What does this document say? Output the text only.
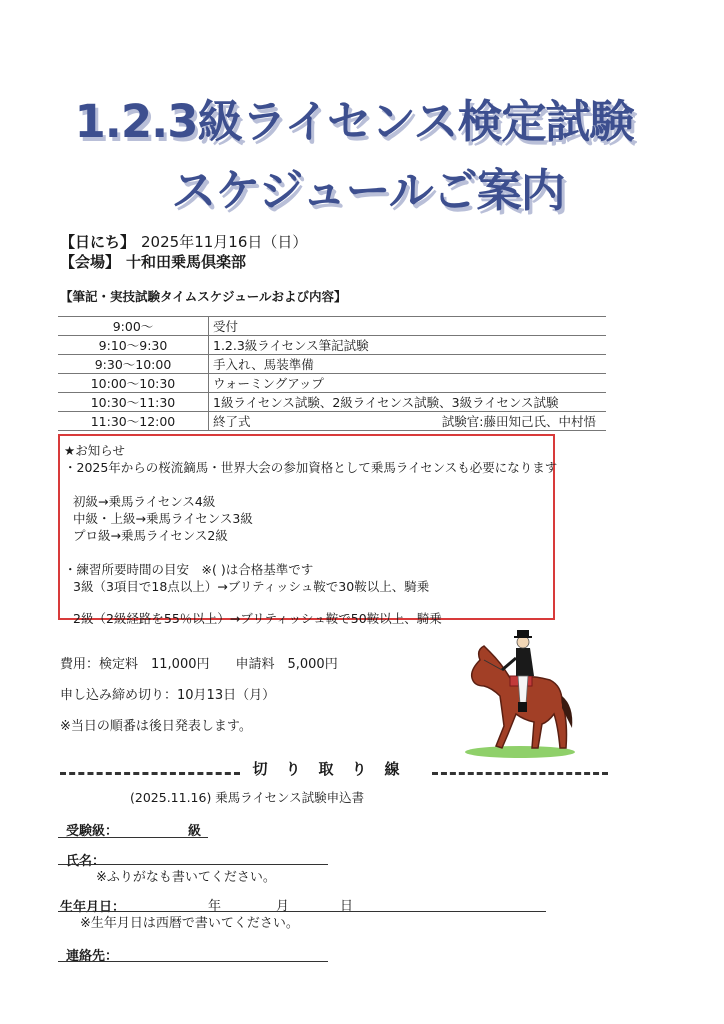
1.2.3級ライセンス検定試験
スケジュールご案内
【日にち】 2025年11月16日（日）
【会場】 十和田乗馬倶楽部
【筆記・実技試験タイムスケジュールおよび内容】
9:00～	受付
9:10～9:30	1.2.3級ライセンス筆記試験
9:30～10:00	手入れ、馬装準備
10:00～10:30	ウォーミングアップ
10:30～11:30	1級ライセンス試験、2級ライセンス試験、3級ライセンス試験
11:30～12:00	終了式 試験官:藤田知己氏、中村悟
★お知らせ
・2025年からの桜流鏑馬・世界大会の参加資格として乗馬ライセンスも必要になります
初級→乗馬ライセンス4級
中級・上級→乗馬ライセンス3級
プロ級→乗馬ライセンス2級
・練習所要時間の目安　※( )は合格基準です
3級（3項目で18点以上）→ブリティッシュ鞍で30鞍以上、騎乗
2級（2級経路を55％以上）→ブリティッシュ鞍で50鞍以上、騎乗
費用：検定料　11,000円　　申請料　5,000円
申し込み締め切り：10月13日（月）
※当日の順番は後日発表します。
切り取り線
(2025.11.16) 乗馬ライセンス試験申込書
受験級：	級
氏名：
※ふりがなも書いてください。
生年月日：	年	月	日
※生年月日は西暦で書いてください。
連絡先：
